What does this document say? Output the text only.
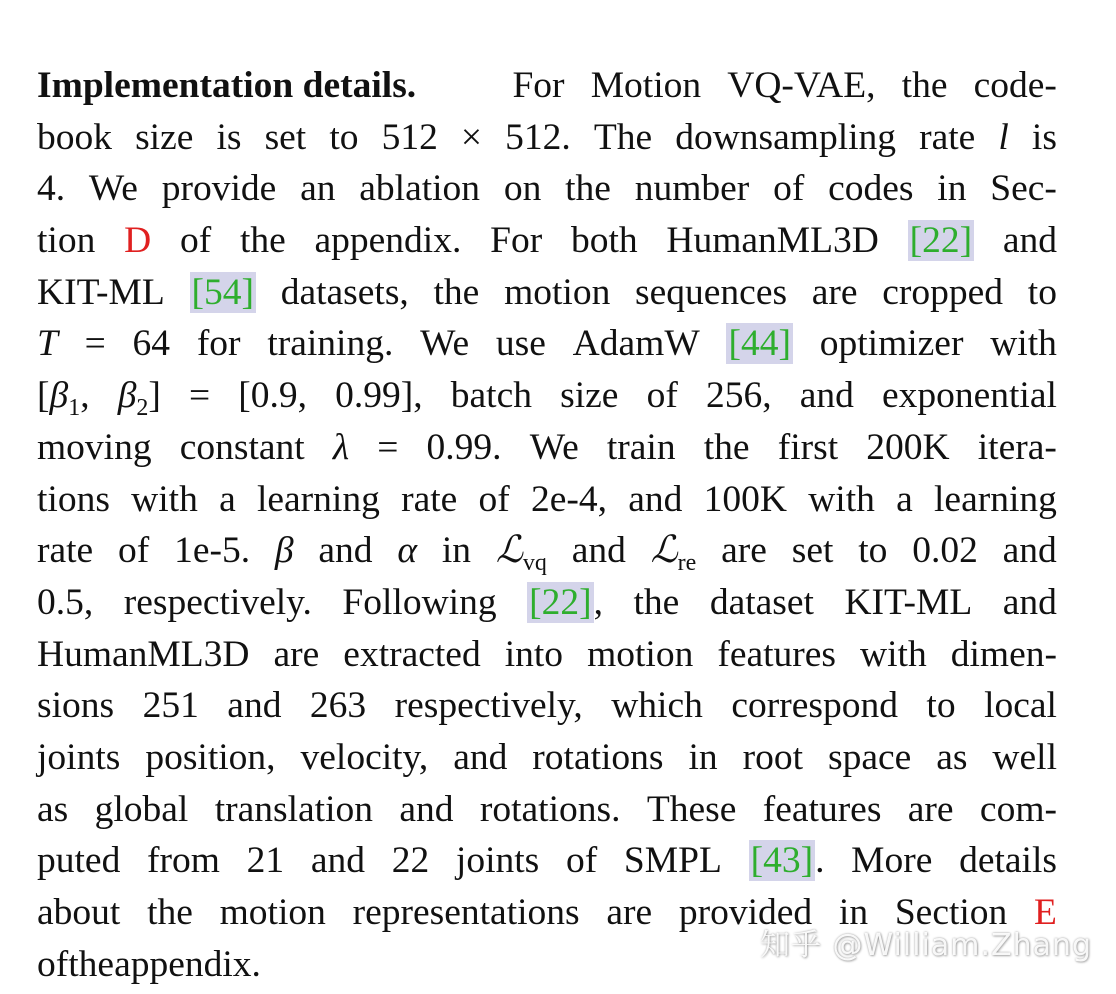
Implementation details.	For Motion VQ-VAE, the code-
book size is set to 512 × 512. The downsampling rate l is
4. We provide an ablation on the number of codes in Sec-
tion D of the appendix. For both HumanML3D [22] and
KIT-ML [54] datasets, the motion sequences are cropped to
T = 64 for training. We use AdamW [44] optimizer with
[$\beta_1$, $\beta_2] = [0.9$, 0.99], batch size of 256, and exponential
moving constant λ = 0.99. We train the first 200K itera-
tions with a learning rate of 2e-4, and 100K with a learning
rate of 1e-5. β and α in ℒ$_{vq}$ and ℒ$_{re}$ are set to 0.02 and
0.5, respectively. Following [22], the dataset KIT-ML and
HumanML3D are extracted into motion features with dimen-
sions 251 and 263 respectively, which correspond to local
joints position, velocity, and rotations in root space as well
as global translation and rotations. These features are com-
puted from 21 and 22 joints of SMPL [43]. More details
about the motion representations are provided in Section E
of the appendix.	知乎 @William.Zhang
